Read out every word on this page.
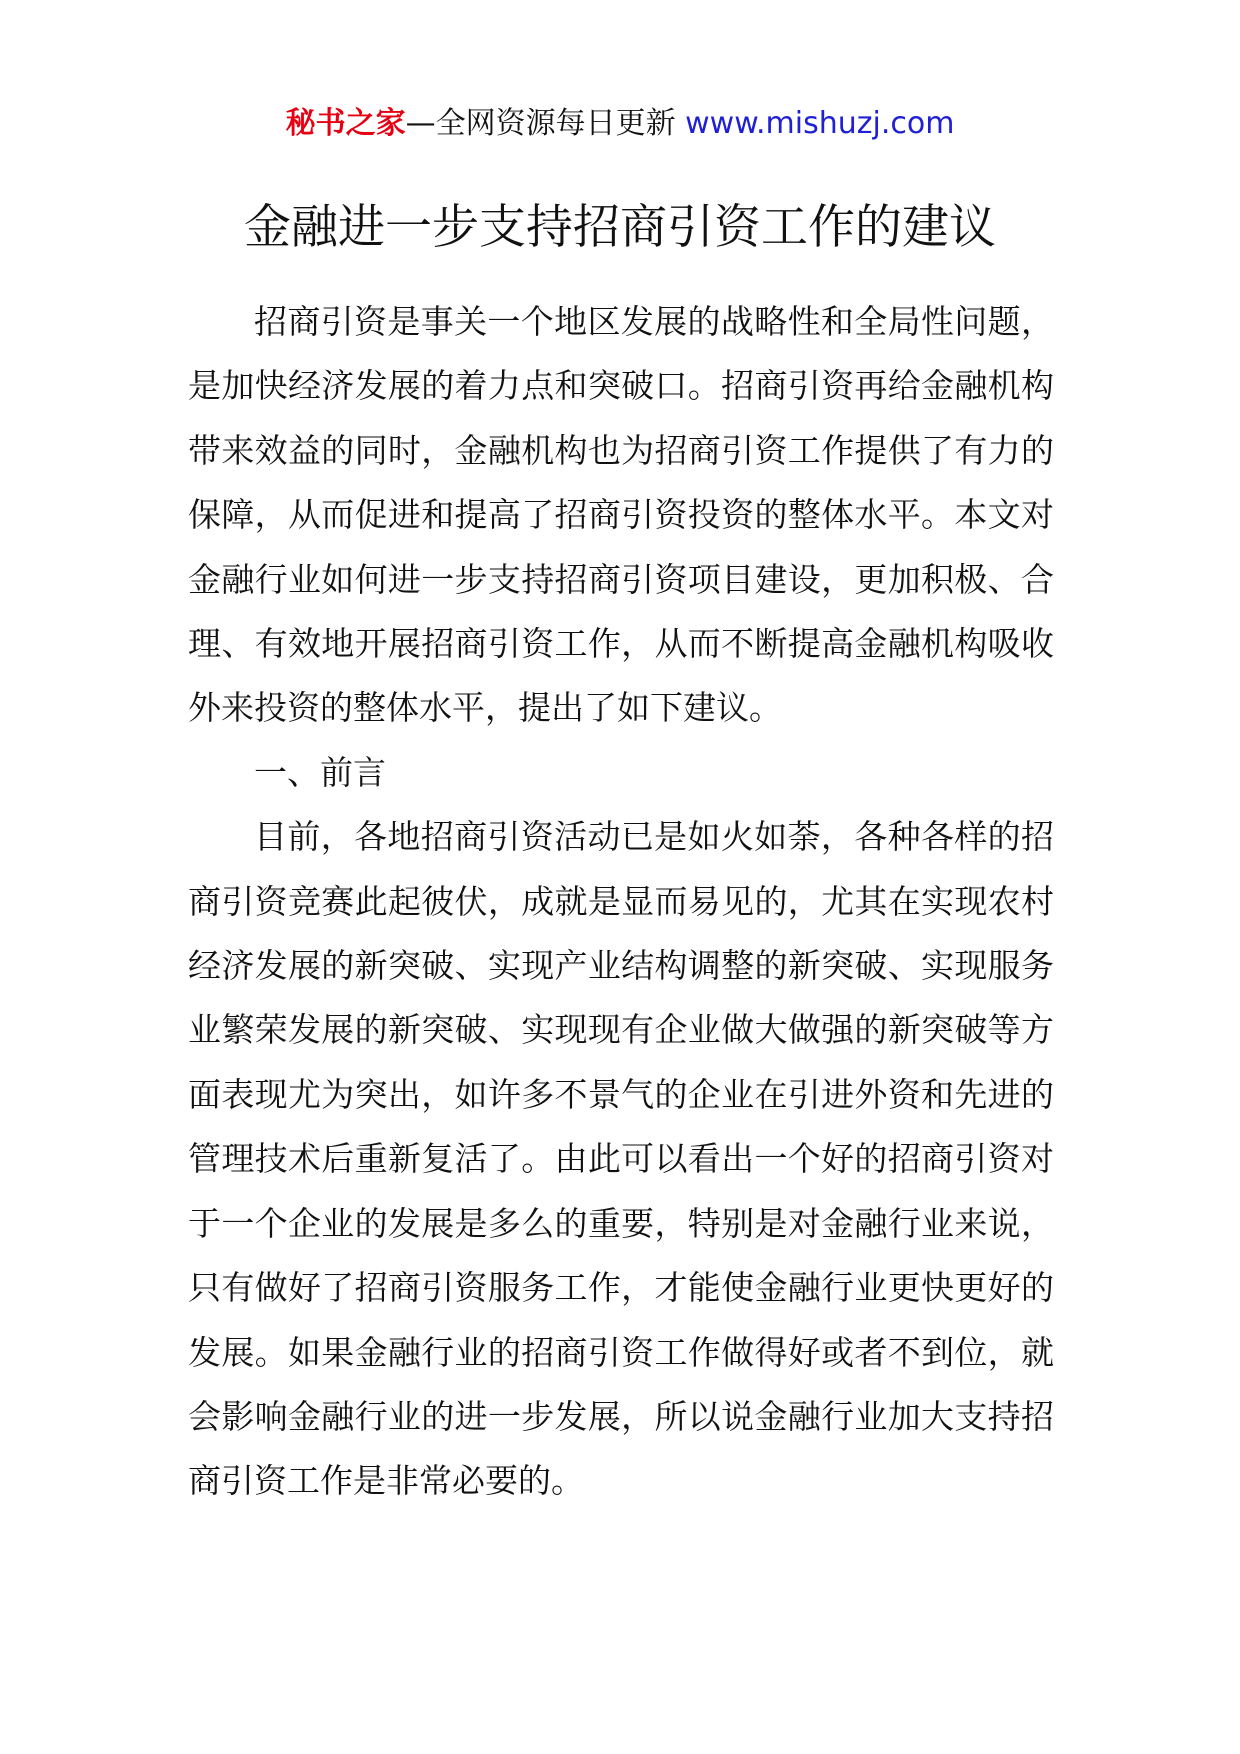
秘书之家—全网资源每日更新 www.mishuzj.com
金融进一步支持招商引资工作的建议

招商引资是事关一个地区发展的战略性和全局性问题，是加快经济发展的着力点和突破口。招商引资再给金融机构带来效益的同时，金融机构也为招商引资工作提供了有力的保障，从而促进和提高了招商引资投资的整体水平。本文对金融行业如何进一步支持招商引资项目建设，更加积极、合理、有效地开展招商引资工作，从而不断提高金融机构吸收外来投资的整体水平，提出了如下建议。

一、前言

目前，各地招商引资活动已是如火如荼，各种各样的招商引资竞赛此起彼伏，成就是显而易见的，尤其在实现农村经济发展的新突破、实现产业结构调整的新突破、实现服务业繁荣发展的新突破、实现现有企业做大做强的新突破等方面表现尤为突出，如许多不景气的企业在引进外资和先进的管理技术后重新复活了。由此可以看出一个好的招商引资对于一个企业的发展是多么的重要，特别是对金融行业来说，只有做好了招商引资服务工作，才能使金融行业更快更好的发展。如果金融行业的招商引资工作做得好或者不到位，就会影响金融行业的进一步发展，所以说金融行业加大支持招商引资工作是非常必要的。
